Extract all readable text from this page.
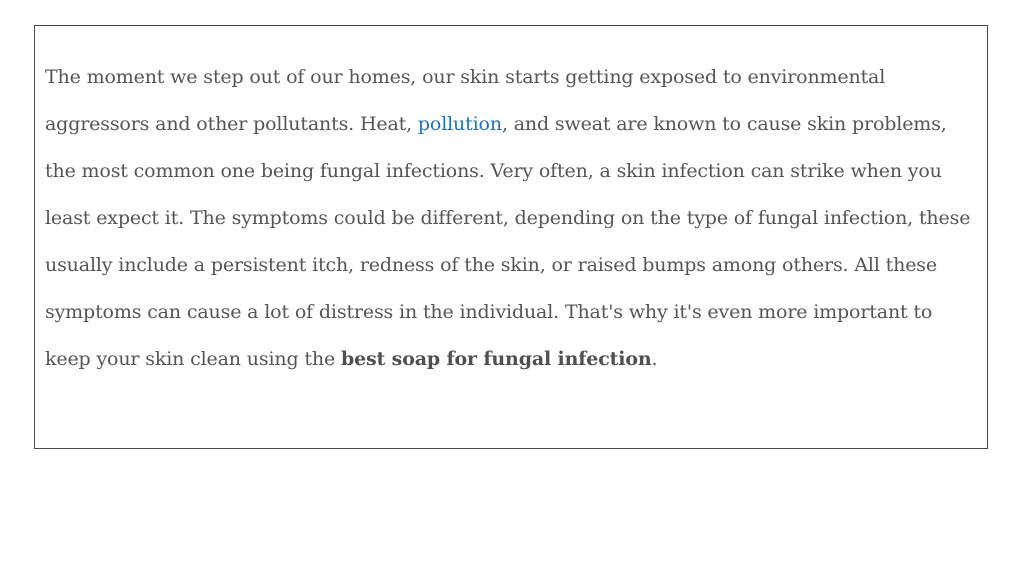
The moment we step out of our homes, our skin starts getting exposed to environmental aggressors and other pollutants. Heat, pollution, and sweat are known to cause skin problems, the most common one being fungal infections. Very often, a skin infection can strike when you least expect it. The symptoms could be different, depending on the type of fungal infection, these usually include a persistent itch, redness of the skin, or raised bumps among others. All these symptoms can cause a lot of distress in the individual. That's why it's even more important to keep your skin clean using the best soap for fungal infection.
